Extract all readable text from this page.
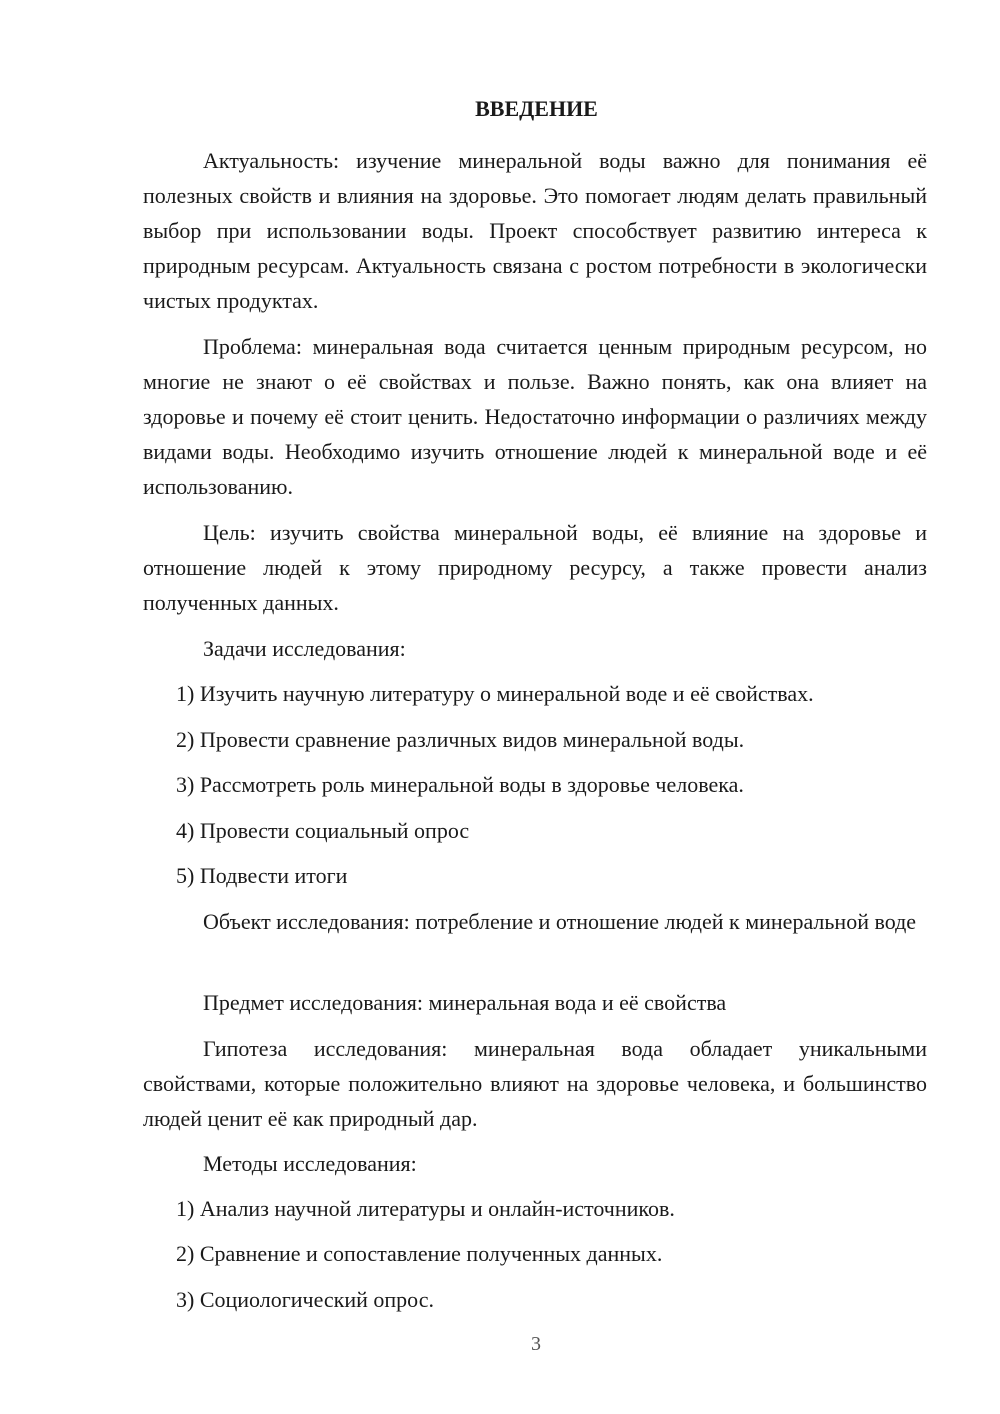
ВВЕДЕНИЕ
Актуальность: изучение минеральной воды важно для понимания её полезных свойств и влияния на здоровье. Это помогает людям делать правильный выбор при использовании воды. Проект способствует развитию интереса к природным ресурсам. Актуальность связана с ростом потребности в экологически чистых продуктах.
Проблема: минеральная вода считается ценным природным ресурсом, но многие не знают о её свойствах и пользе. Важно понять, как она влияет на здоровье и почему её стоит ценить. Недостаточно информации о различиях между видами воды. Необходимо изучить отношение людей к минеральной воде и её использованию.
Цель: изучить свойства минеральной воды, её влияние на здоровье и отношение людей к этому природному ресурсу, а также провести анализ полученных данных.
Задачи исследования:
1) Изучить научную литературу о минеральной воде и её свойствах.
2) Провести сравнение различных видов минеральной воды.
3) Рассмотреть роль минеральной воды в здоровье человека.
4) Провести социальный опрос
5) Подвести итоги
Объект исследования: потребление и отношение людей к минеральной воде
Предмет исследования: минеральная вода и её свойства
Гипотеза исследования: минеральная вода обладает уникальными свойствами, которые положительно влияют на здоровье человека, и большинство людей ценит её как природный дар.
Методы исследования:
1) Анализ научной литературы и онлайн-источников.
2) Сравнение и сопоставление полученных данных.
3) Социологический опрос.
3
